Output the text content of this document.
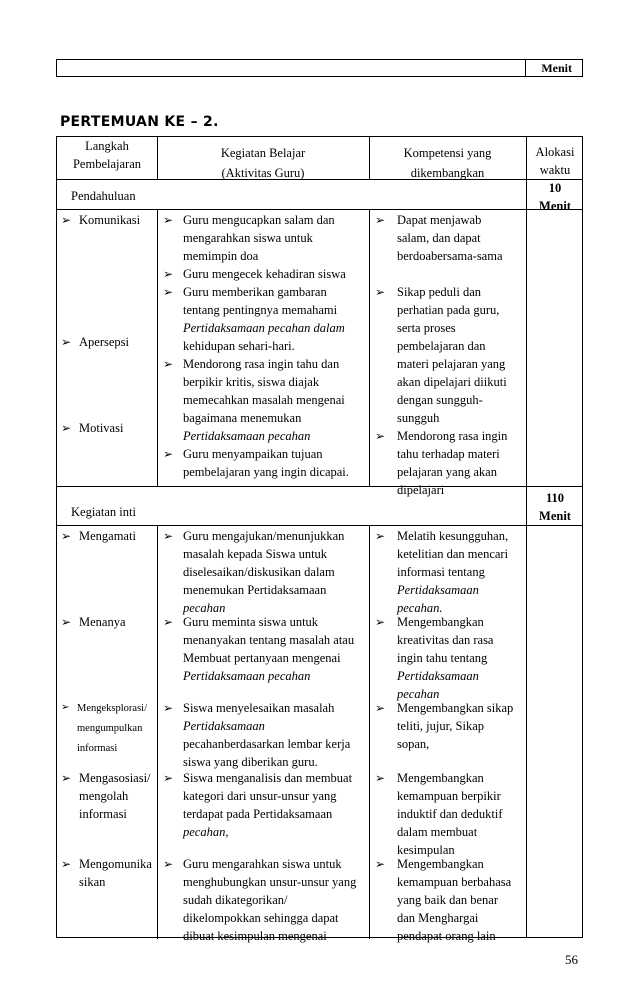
Menit
PERTEMUAN KE – 2.
Langkah
Pembelajaran
Kegiatan Belajar
(Aktivitas Guru)
Kompetensi yang
dikembangkan
Alokasi
waktu
Pendahuluan
10
Menit
➢ Komunikasi
➢ Apersepsi
➢ Motivasi
➢ Guru mengucapkan salam dan
mengarahkan siswa untuk
memimpin doa
➢ Guru mengecek kehadiran siswa
➢ Guru memberikan gambaran
tentang pentingnya memahami
Pertidaksamaan pecahan dalam
kehidupan sehari-hari.
➢ Mendorong rasa ingin tahu dan
berpikir kritis, siswa diajak
memecahkan masalah mengenai
bagaimana menemukan
Pertidaksamaan pecahan
➢ Guru menyampaikan tujuan
pembelajaran yang ingin dicapai.
➢ Dapat menjawab
salam, dan dapat
berdoabersama-sama
➢ Sikap peduli dan
perhatian pada guru,
serta proses
pembelajaran dan
materi pelajaran yang
akan dipelajari diikuti
dengan sungguh-
sungguh
➢ Mendorong rasa ingin
tahu terhadap materi
pelajaran yang akan
dipelajari
Kegiatan inti
110
Menit
➢ Mengamati
➢ Menanya
➢ Mengeksplorasi/
mengumpulkan
informasi
➢ Mengasosiasi/
mengolah
informasi
➢ Mengomunika
sikan
➢ Guru mengajukan/menunjukkan
masalah kepada Siswa untuk
diselesaikan/diskusikan dalam
menemukan Pertidaksamaan
pecahan
➢ Guru meminta siswa untuk
menanyakan tentang masalah atau
Membuat pertanyaan mengenai
Pertidaksamaan pecahan
➢ Siswa menyelesaikan masalah
Pertidaksamaan
pecahanberdasarkan lembar kerja
siswa yang diberikan guru.
➢ Siswa menganalisis dan membuat
kategori dari unsur-unsur yang
terdapat pada Pertidaksamaan
pecahan,
➢ Guru mengarahkan siswa untuk
menghubungkan unsur-unsur yang
sudah dikategorikan/
dikelompokkan sehingga dapat
dibuat kesimpulan mengenai
➢ Melatih kesungguhan,
ketelitian dan mencari
informasi tentang
Pertidaksamaan
pecahan.
➢ Mengembangkan
kreativitas dan rasa
ingin tahu tentang
Pertidaksamaan
pecahan
➢ Mengembangkan sikap
teliti, jujur, Sikap
sopan,
➢ Mengembangkan
kemampuan berpikir
induktif dan deduktif
dalam membuat
kesimpulan
➢ Mengembangkan
kemampuan berbahasa
yang baik dan benar
dan Menghargai
pendapat orang lain
56
